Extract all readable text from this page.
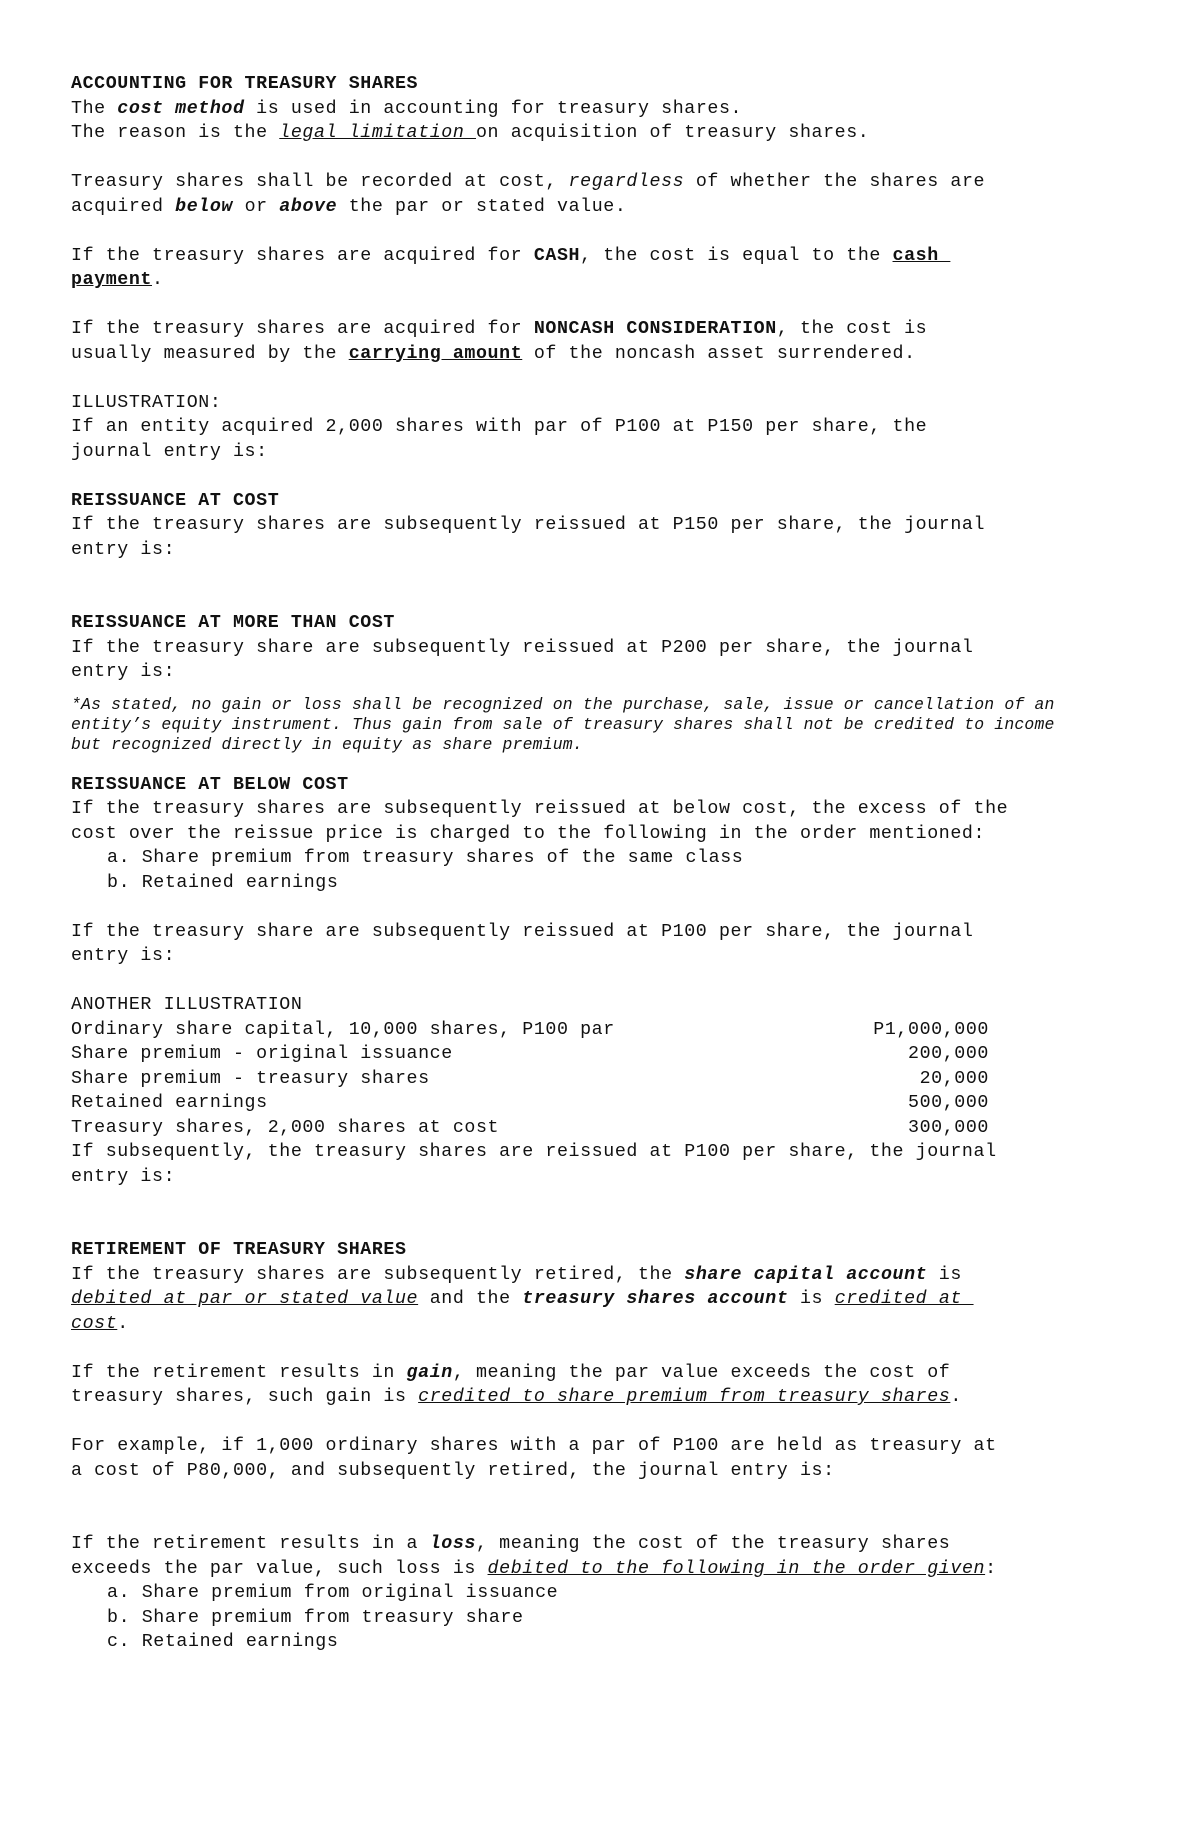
ACCOUNTING FOR TREASURY SHARES
The cost method is used in accounting for treasury shares.
The reason is the legal limitation on acquisition of treasury shares.
Treasury shares shall be recorded at cost, regardless of whether the shares are
acquired below or above the par or stated value.
If the treasury shares are acquired for CASH, the cost is equal to the cash
payment.
If the treasury shares are acquired for NONCASH CONSIDERATION, the cost is
usually measured by the carrying amount of the noncash asset surrendered.
ILLUSTRATION:
If an entity acquired 2,000 shares with par of P100 at P150 per share, the
journal entry is:
REISSUANCE AT COST
If the treasury shares are subsequently reissued at P150 per share, the journal
entry is:
REISSUANCE AT MORE THAN COST
If the treasury share are subsequently reissued at P200 per share, the journal
entry is:
*As stated, no gain or loss shall be recognized on the purchase, sale, issue or cancellation of an
entity’s equity instrument. Thus gain from sale of treasury shares shall not be credited to income
but recognized directly in equity as share premium.
REISSUANCE AT BELOW COST
If the treasury shares are subsequently reissued at below cost, the excess of the
cost over the reissue price is charged to the following in the order mentioned:
a. Share premium from treasury shares of the same class
b. Retained earnings
If the treasury share are subsequently reissued at P100 per share, the journal
entry is:
ANOTHER ILLUSTRATION
Ordinary share capital, 10,000 shares, P100 par	P1,000,000
Share premium - original issuance	200,000
Share premium - treasury shares	20,000
Retained earnings	500,000
Treasury shares, 2,000 shares at cost	300,000
If subsequently, the treasury shares are reissued at P100 per share, the journal
entry is:
RETIREMENT OF TREASURY SHARES
If the treasury shares are subsequently retired, the share capital account is
debited at par or stated value and the treasury shares account is credited at
cost.
If the retirement results in gain, meaning the par value exceeds the cost of
treasury shares, such gain is credited to share premium from treasury shares.
For example, if 1,000 ordinary shares with a par of P100 are held as treasury at
a cost of P80,000, and subsequently retired, the journal entry is:
If the retirement results in a loss, meaning the cost of the treasury shares
exceeds the par value, such loss is debited to the following in the order given:
a. Share premium from original issuance
b. Share premium from treasury share
c. Retained earnings
